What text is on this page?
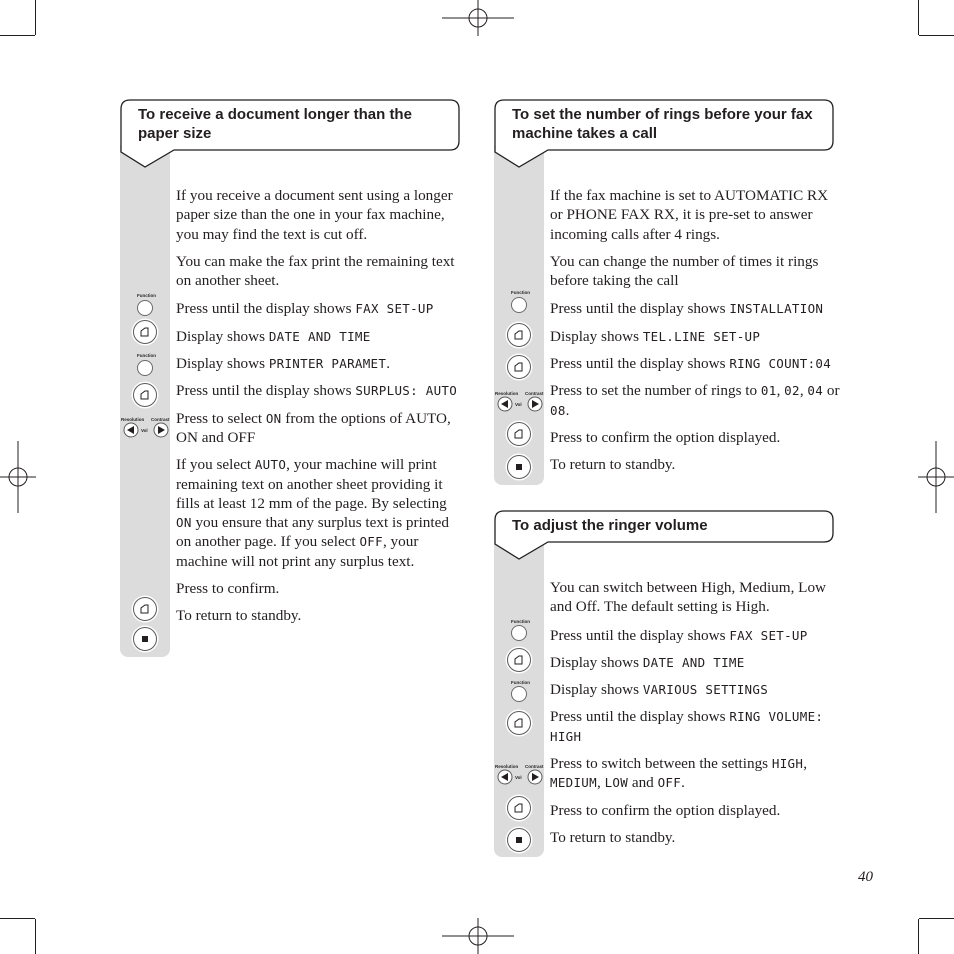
To receive a document longer than the paper size
If you receive a document sent using a longer paper size than the one in your fax machine, you may find the text is cut off.
You can make the fax print the remaining text on another sheet.
Press until the display shows FAX SET-UP
Display shows DATE AND TIME
Display shows PRINTER PARAMET.
Press until the display shows SURPLUS: AUTO
Press to select ON from the options of AUTO, ON and OFF
If you select AUTO, your machine will print remaining text on another sheet providing it fills at least 12 mm of the page. By selecting ON you ensure that any surplus text is printed on another page. If you select OFF, your machine will not print any surplus text.
Press to confirm.
To return to standby.
Function
Function
Resolution Contrast
Vol
To set the number of rings before your fax machine takes a call
If the fax machine is set to AUTOMATIC RX or PHONE FAX RX, it is pre-set to answer incoming calls after 4 rings.
You can change the number of times it rings before taking the call
Press until the display shows INSTALLATION
Display shows TEL.LINE SET-UP
Press until the display shows RING COUNT:04
Press to set the number of rings to 01, 02, 04 or 08.
Press to confirm the option displayed.
To return to standby.
Function
Resolution Contrast
Vol
To adjust the ringer volume
You can switch between High, Medium, Low and Off. The default setting is High.
Press until the display shows FAX SET-UP
Display shows DATE AND TIME
Display shows VARIOUS SETTINGS
Press until the display shows RING VOLUME: HIGH
Press to switch between the settings HIGH, MEDIUM, LOW and OFF.
Press to confirm the option displayed.
To return to standby.
Function
Function
Resolution Contrast
Vol
40
